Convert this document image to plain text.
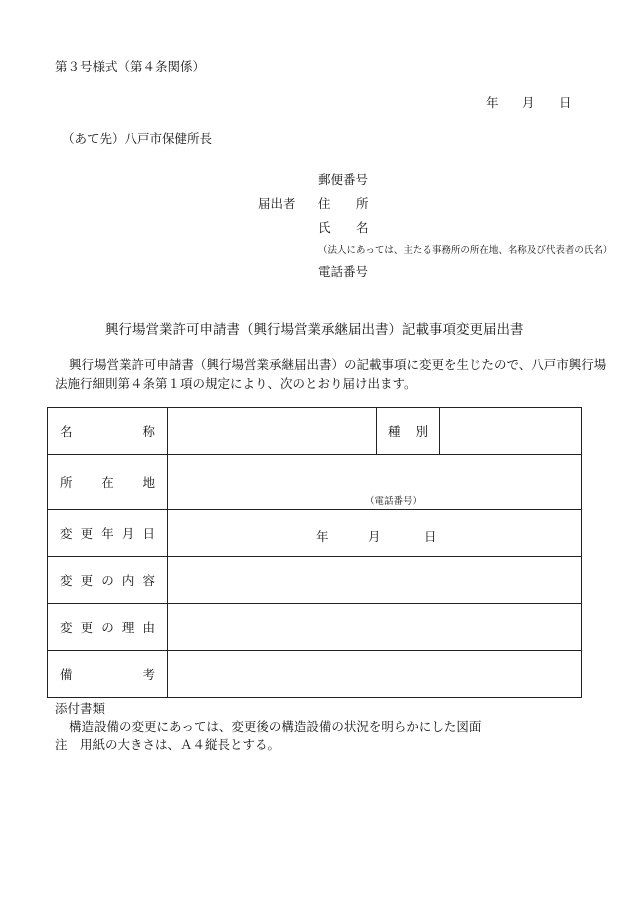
第３号様式（第４条関係）
年 月 日
（あて先）八戸市保健所長
郵便番号
届出者 住 所
氏 名
（法人にあっては、主たる事務所の所在地、名称及び代表者の氏名）
電話番号
興行場営業許可申請書（興行場営業承継届出書）記載事項変更届出書
興行場営業許可申請書（興行場営業承継届出書）の記載事項に変更を生じたので、八戸市興行場
法施行細則第４条第１項の規定により、次のとおり届け出ます。
名 称		種 別	

所 在 地	（電話番号）		

変 更 年 月 日	年 月 日		

変 更 の 内 容			

変 更 の 理 由			

備 考			

添付書類
構造設備の変更にあっては、変更後の構造設備の状況を明らかにした図面
注　用紙の大きさは、Ａ４縦長とする。
